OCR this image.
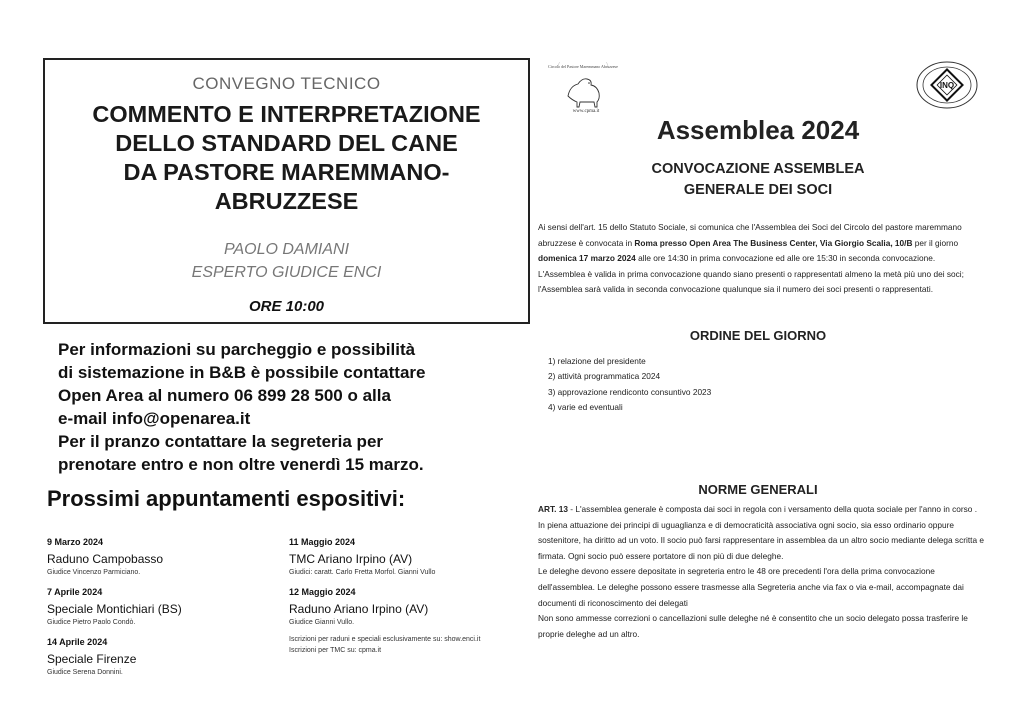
CONVEGNO TECNICO
COMMENTO E INTERPRETAZIONE
DELLO STANDARD DEL CANE
DA PASTORE MAREMMANO-
ABRUZZESE
PAOLO DAMIANI
ESPERTO GIUDICE ENCI
ORE 10:00
Per informazioni su parcheggio e possibilità
di sistemazione in B&B è possibile contattare
Open Area al numero 06 899 28 500 o alla
e-mail info@openarea.it
Per il pranzo contattare la segreteria per
prenotare entro e non oltre venerdì 15 marzo.
Prossimi appuntamenti espositivi:
9 Marzo 2024
Raduno Campobasso
Giudice Vincenzo Parmiciano.
7 Aprile 2024
Speciale Montichiari (BS)
Giudice Pietro Paolo Condò.
14 Aprile 2024
Speciale Firenze
Giudice Serena Donnini.
11 Maggio 2024
TMC Ariano Irpino (AV)
Giudici: caratt. Carlo Fretta Morfol. Gianni Vullo
12 Maggio 2024
Raduno Ariano Irpino (AV)
Giudice Gianni Vullo.
Iscrizioni per raduni e speciali esclusivamente su: show.enci.it
Iscrizioni per TMC su: cpma.it
Circolo del Pastore Maremmano Abruzzese
www.cpma.it
INQ
Assemblea 2024
CONVOCAZIONE ASSEMBLEA
GENERALE DEI SOCI
Ai sensi dell'art. 15 dello Statuto Sociale, si comunica che l'Assemblea dei Soci del Circolo del pastore maremmano abruzzese è convocata in Roma presso Open Area The Business Center, Via Giorgio Scalia, 10/B per il giorno domenica 17 marzo 2024 alle ore 14:30 in prima convocazione ed alle ore 15:30 in seconda convocazione. L'Assemblea è valida in prima convocazione quando siano presenti o rappresentati almeno la metà più uno dei soci; l'Assemblea sarà valida in seconda convocazione qualunque sia il numero dei soci presenti o rappresentati.
ORDINE DEL GIORNO
1) relazione del presidente
2) attività programmatica 2024
3) approvazione rendiconto consuntivo 2023
4) varie ed eventuali
NORME GENERALI
ART. 13 - L'assemblea generale è composta dai soci in regola con i versamento della quota sociale per l'anno in corso .
In piena attuazione dei principi di uguaglianza e di democraticità associativa ogni socio, sia esso ordinario oppure sostenitore, ha diritto ad un voto. Il socio può farsi rappresentare in assemblea da un altro socio mediante delega scritta e firmata. Ogni socio può essere portatore di non più di due deleghe.
Le deleghe devono essere depositate in segreteria entro le 48 ore precedenti l'ora della prima convocazione dell'assemblea. Le deleghe possono essere trasmesse alla Segreteria anche via fax o via e-mail, accompagnate dai documenti di riconoscimento dei delegati
Non sono ammesse correzioni o cancellazioni sulle deleghe né è consentito che un socio delegato possa trasferire le proprie deleghe ad un altro.
